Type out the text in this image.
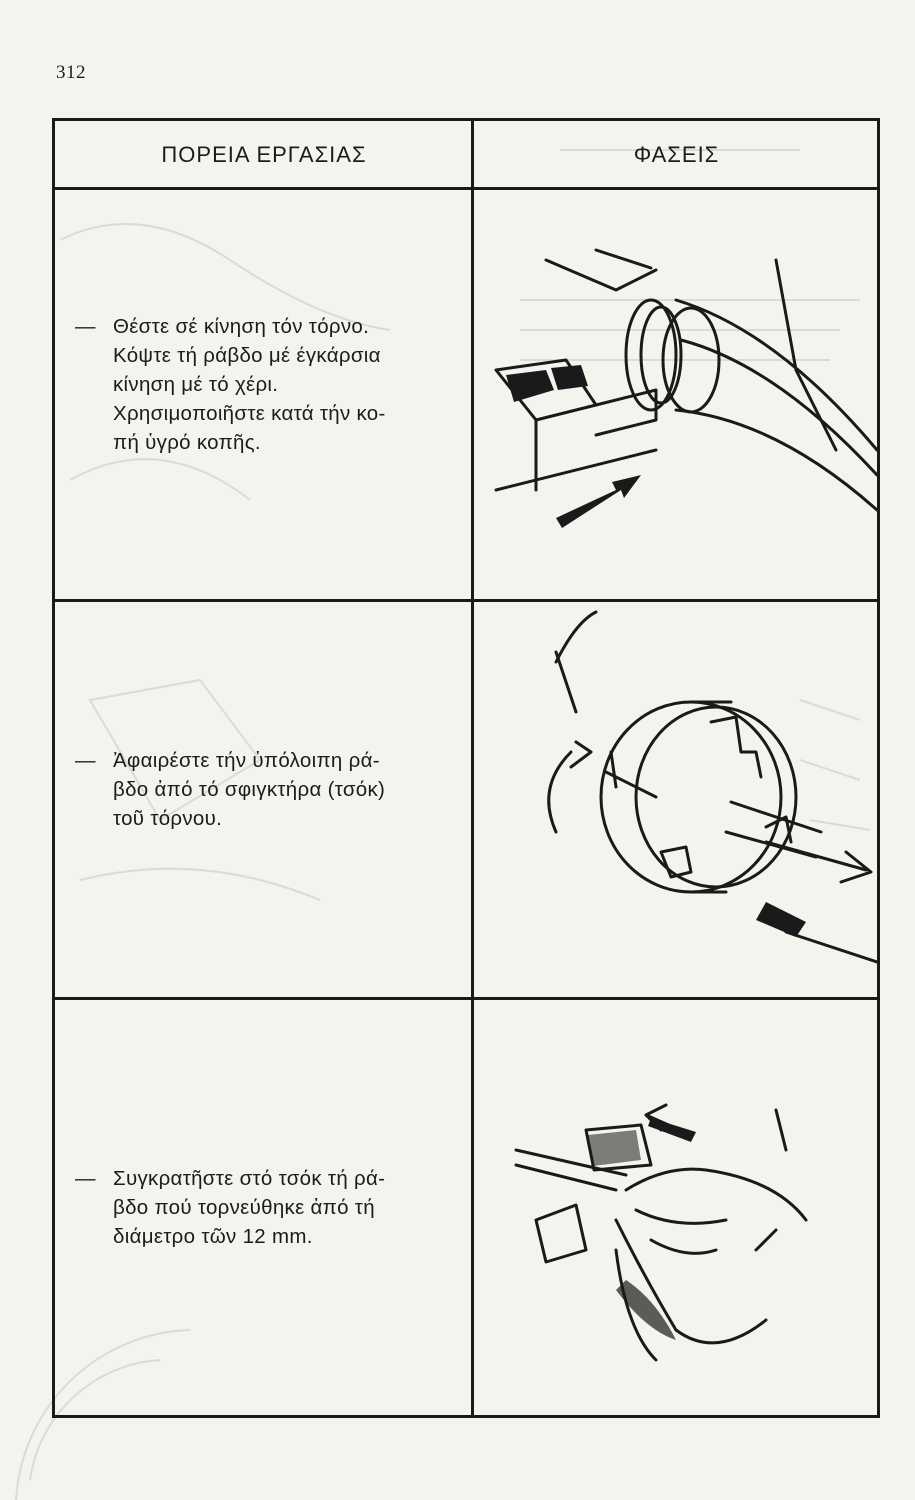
312
ΠΟΡΕΙΑ ΕΡΓΑΣΙΑΣ	ΦΑΣΕΙΣ
— Θέστε σέ κίνηση τόν τόρνο.
Κόψτε τή ράβδο μέ έγκάρσια
κίνηση μέ τό χέρι.
Χρησιμοποιῆστε κατά τήν κο-
πή ὑγρό κοπῆς.
— Ἀφαιρέστε τήν ὑπόλοιπη ρά-
βδο ἀπό τό σφιγκτήρα (τσόκ)
τοῦ τόρνου.
— Συγκρατῆστε στό τσόκ τή ρά-
βδο πού τορνεύθηκε ἀπό τή
διάμετρο τῶν 12 mm.
